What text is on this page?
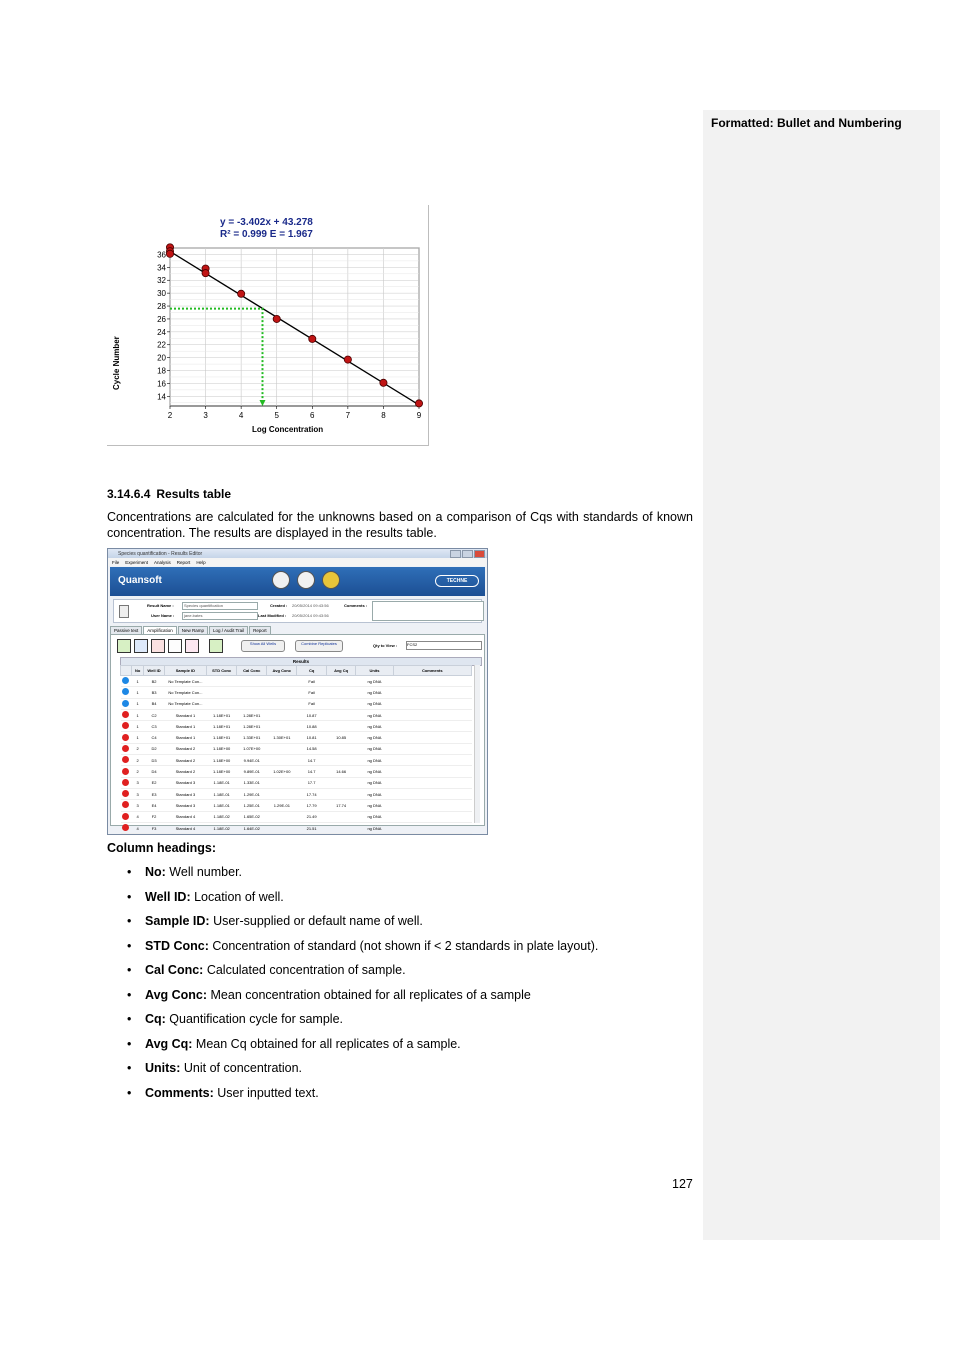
Formatted: Bullet and Numbering
y = -3.402x + 43.278
R² = 0.999 E = 1.967
Cycle Number
Log Concentration
2	3	4	5	6	7	8	9
14
16
18
20
22
24
26
28
30
32
34
36
3.14.6.4 Results table
Concentrations are calculated for the unknowns based on a comparison of Cqs with standards of known concentration. The results are displayed in the results table.
Species quantification - Results Editor
File Experiment Analysis Report Help
Quansoft	TECHNE
Result Name :	Species quantification
User Name : jane.bates
Created : 20/05/2014 09:43:56
Last Modified : 20/05/2014 09:43:56
Comments :
Passive text	Amplification	New Ramp	Log / Audit Trail	Report
Show All Wells	Combine Replicates	Qty to View : FCS2
Results
	No	Well ID	Sample ID	STD Conc	Cal Conc	Avg Conc	Cq	Avg Cq	Units	Comments
	1	B2	No Template Con...				Fail		ng DNA	
	1	B3	No Template Con...				Fail		ng DNA	
	1	B4	No Template Con...				Fail		ng DNA	
	1	C2	Standard 1	1.18E+01	1.28E+01		10.87		ng DNA	
	1	C3	Standard 1	1.18E+01	1.28E+01		10.88		ng DNA	
	1	C4	Standard 1	1.18E+01	1.33E+01	1.30E+01	10.81	10.85	ng DNA	
	2	D2	Standard 2	1.18E+00	1.07E+00		14.58		ng DNA	
	2	D3	Standard 2	1.18E+00	9.94E-01		14.7		ng DNA	
	2	D4	Standard 2	1.18E+00	9.89E-01	1.02E+00	14.7	14.66	ng DNA	
	3	E2	Standard 3	1.18E-01	1.33E-01		17.7		ng DNA	
	3	E3	Standard 3	1.18E-01	1.29E-01		17.74		ng DNA	
	3	E4	Standard 3	1.18E-01	1.25E-01	1.29E-01	17.79	17.74	ng DNA	
	4	F2	Standard 4	1.18E-02	1.65E-02		21.49		ng DNA	
	4	F3	Standard 4	1.18E-02	1.64E-02		21.51		ng DNA	

Column headings:
• No: Well number.
• Well ID: Location of well.
• Sample ID: User-supplied or default name of well.
• STD Conc: Concentration of standard (not shown if < 2 standards in plate layout).
• Cal Conc: Calculated concentration of sample.
• Avg Conc: Mean concentration obtained for all replicates of a sample
• Cq: Quantification cycle for sample.
• Avg Cq: Mean Cq obtained for all replicates of a sample.
• Units: Unit of concentration.
• Comments: User inputted text.
127
